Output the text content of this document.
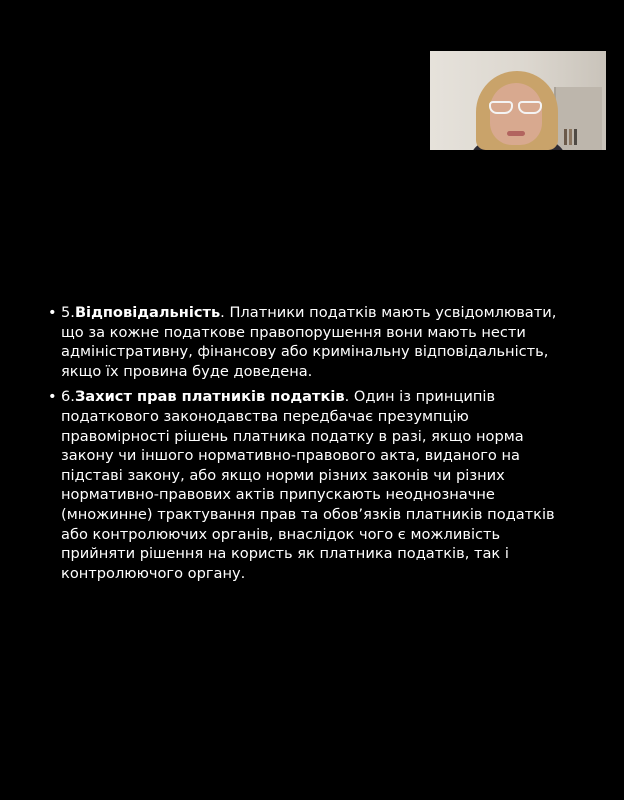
• 5.Відповідальність. Платники податків мають усвідомлювати, що за кожне податкове правопорушення вони мають нести адміністративну, фінансову або кримінальну відповідальність, якщо їх провина буде доведена.
• 6.Захист прав платників податків. Один із принципів податкового законодавства передбачає презумпцію правомірності рішень платника податку в разі, якщо норма закону чи іншого нормативно-правового акта, виданого на підставі закону, або якщо норми різних законів чи різних нормативно-правових актів припускають неоднозначне (множинне) трактування прав та обов’язків платників податків або контролюючих органів, внаслідок чого є можливість прийняти рішення на користь як платника податків, так і контролюючого органу.
